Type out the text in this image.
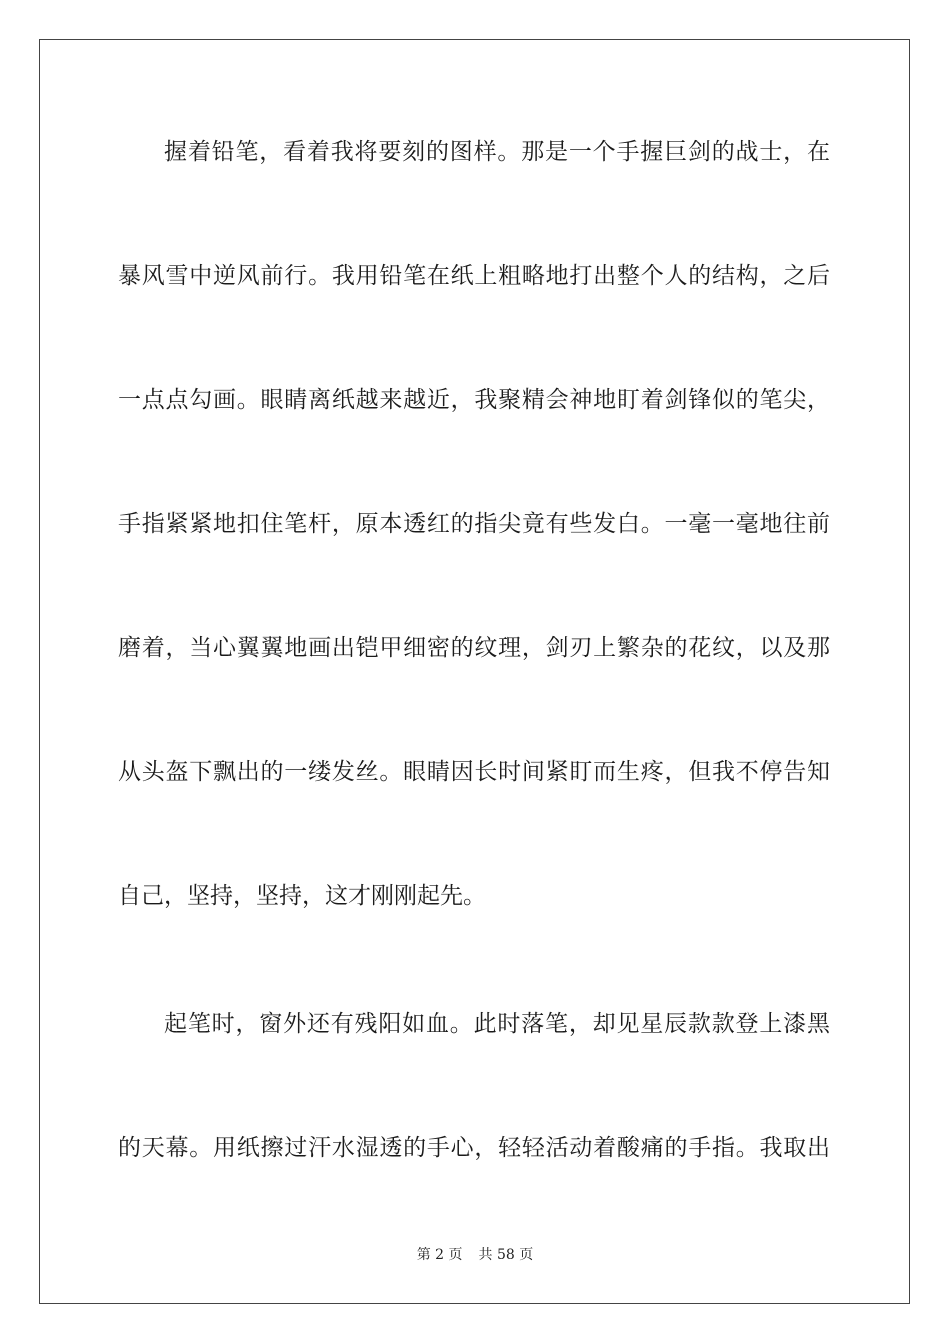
握着铅笔，看着我将要刻的图样。那是一个手握巨剑的战士，在
暴风雪中逆风前行。我用铅笔在纸上粗略地打出整个人的结构，之后
一点点勾画。眼睛离纸越来越近，我聚精会神地盯着剑锋似的笔尖，
手指紧紧地扣住笔杆，原本透红的指尖竟有些发白。一毫一毫地往前
磨着，当心翼翼地画出铠甲细密的纹理，剑刃上繁杂的花纹，以及那
从头盔下飘出的一缕发丝。眼睛因长时间紧盯而生疼，但我不停告知
自己，坚持，坚持，这才刚刚起先。
起笔时，窗外还有残阳如血。此时落笔，却见星辰款款登上漆黑
的天幕。用纸擦过汗水湿透的手心，轻轻活动着酸痛的手指。我取出
第 2 页 共 58 页
